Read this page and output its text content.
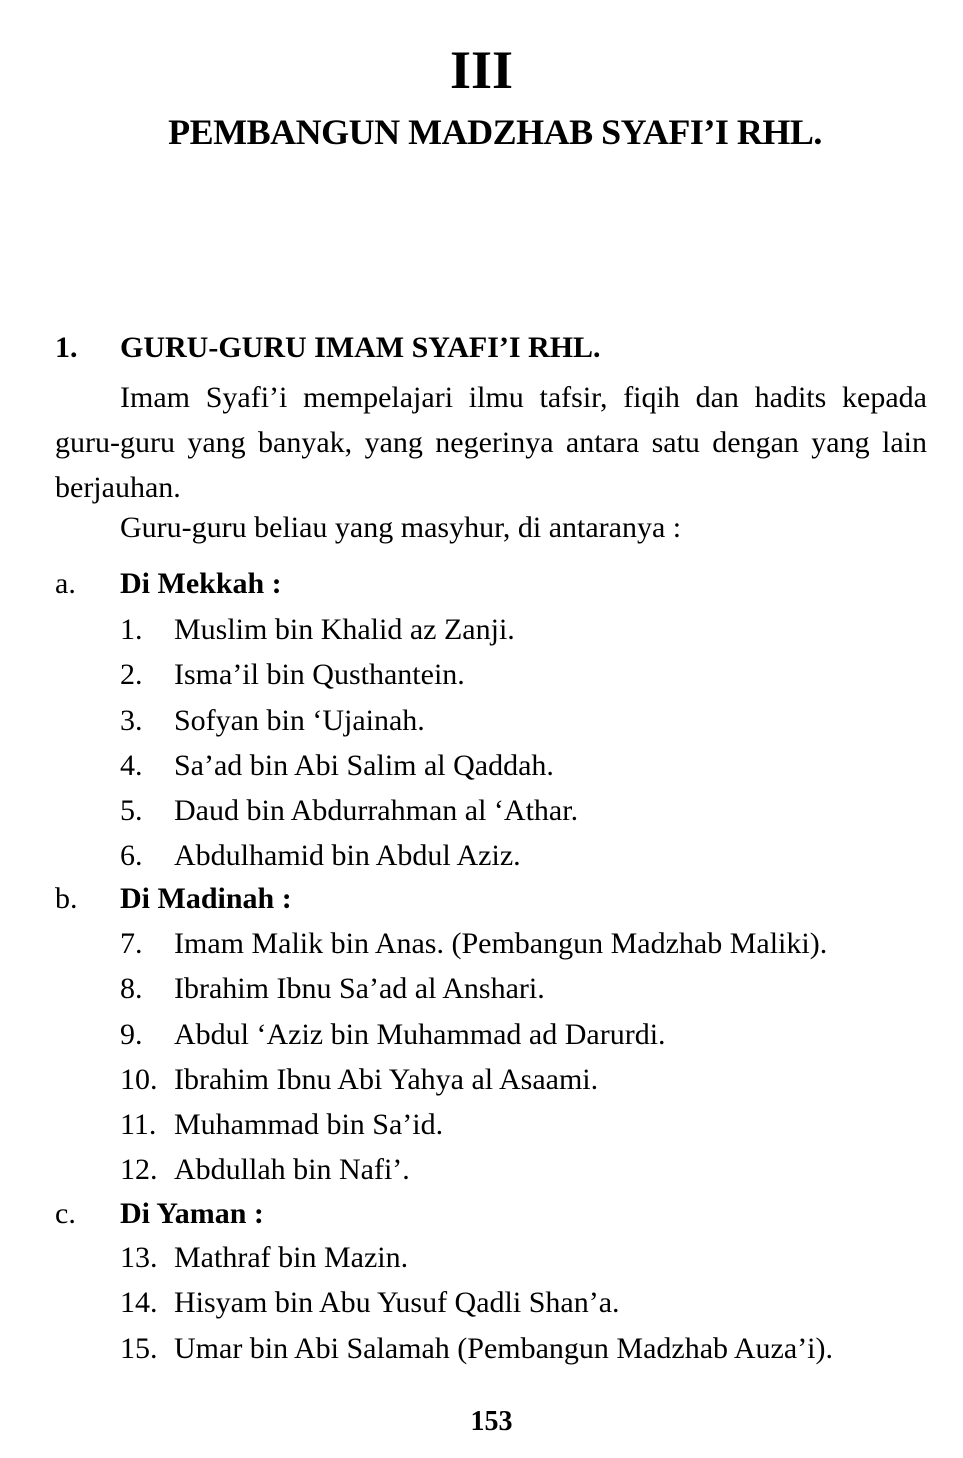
III
PEMBANGUN MADZHAB SYAFI’I RHL.
1. GURU-GURU IMAM SYAFI’I RHL.

Imam Syafi’i mempelajari ilmu tafsir, fiqih dan hadits kepada guru-guru yang banyak, yang negerinya antara satu dengan yang lain berjauhan.

Guru-guru beliau yang masyhur, di antaranya :

a. Di Mekkah :
1. Muslim bin Khalid az Zanji.
2. Isma’il bin Qusthantein.
3. Sofyan bin ‘Ujainah.
4. Sa’ad bin Abi Salim al Qaddah.
5. Daud bin Abdurrahman al ‘Athar.
6. Abdulhamid bin Abdul Aziz.
b. Di Madinah :
7. Imam Malik bin Anas. (Pembangun Madzhab Maliki).
8. Ibrahim Ibnu Sa’ad al Anshari.
9. Abdul ‘Aziz bin Muhammad ad Darurdi.
10. Ibrahim Ibnu Abi Yahya al Asaami.
11. Muhammad bin Sa’id.
12. Abdullah bin Nafi’.
c. Di Yaman :
13. Mathraf bin Mazin.
14. Hisyam bin Abu Yusuf Qadli Shan’a.
15. Umar bin Abi Salamah (Pembangun Madzhab Auza’i).
153
